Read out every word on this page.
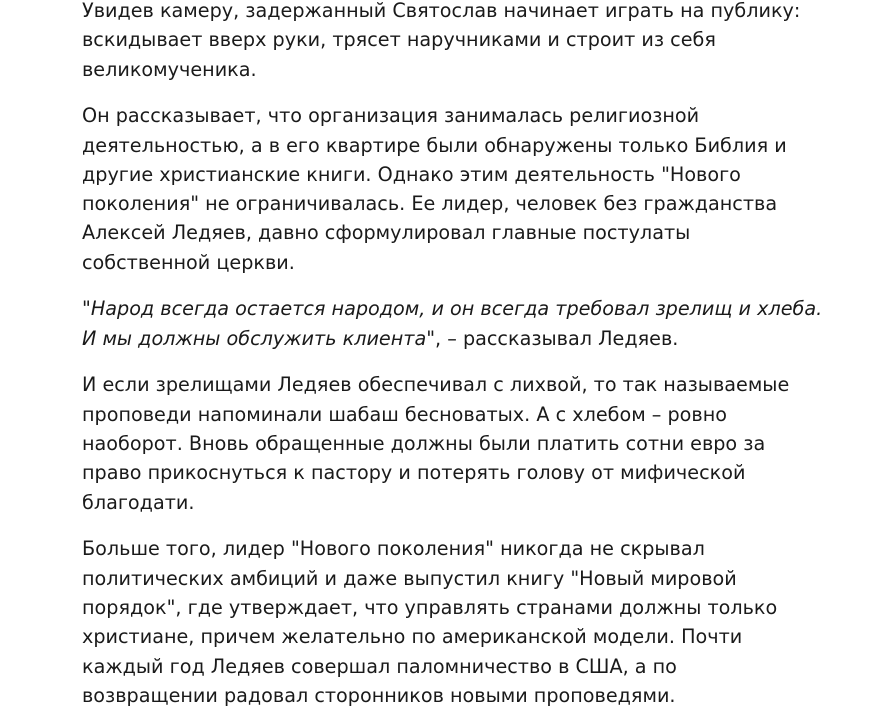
Увидев камеру, задержанный Святослав начинает играть на публику:
вскидывает вверх руки, трясет наручниками и строит из себя
великомученика.

Он рассказывает, что организация занималась религиозной
деятельностью, а в его квартире были обнаружены только Библия и
другие христианские книги. Однако этим деятельность "Нового
поколения" не ограничивалась. Ее лидер, человек без гражданства
Алексей Ледяев, давно сформулировал главные постулаты
собственной церкви.

"Народ всегда остается народом, и он всегда требовал зрелищ и хлеба.
И мы должны обслужить клиента", – рассказывал Ледяев.

И если зрелищами Ледяев обеспечивал с лихвой, то так называемые
проповеди напоминали шабаш бесноватых. А с хлебом – ровно
наоборот. Вновь обращенные должны были платить сотни евро за
право прикоснуться к пастору и потерять голову от мифической
благодати.

Больше того, лидер "Нового поколения" никогда не скрывал
политических амбиций и даже выпустил книгу "Новый мировой
порядок", где утверждает, что управлять странами должны только
христиане, причем желательно по американской модели. Почти
каждый год Ледяев совершал паломничество в США, а по
возвращении радовал сторонников новыми проповедями.
